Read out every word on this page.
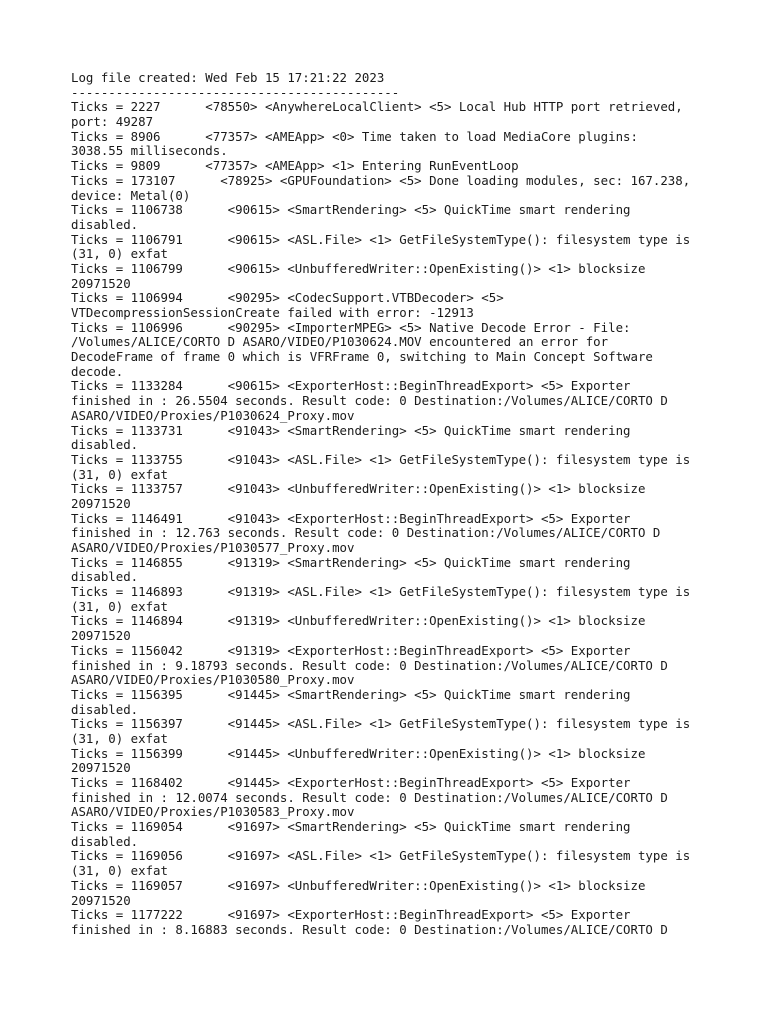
Log file created: Wed Feb 15 17:21:22 2023
--------------------------------------------
Ticks = 2227      <78550> <AnywhereLocalClient> <5> Local Hub HTTP port retrieved,
port: 49287
Ticks = 8906      <77357> <AMEApp> <0> Time taken to load MediaCore plugins:
3038.55 milliseconds.
Ticks = 9809      <77357> <AMEApp> <1> Entering RunEventLoop
Ticks = 173107      <78925> <GPUFoundation> <5> Done loading modules, sec: 167.238,
device: Metal(0)
Ticks = 1106738      <90615> <SmartRendering> <5> QuickTime smart rendering
disabled.
Ticks = 1106791      <90615> <ASL.File> <1> GetFileSystemType(): filesystem type is
(31, 0) exfat
Ticks = 1106799      <90615> <UnbufferedWriter::OpenExisting()> <1> blocksize
20971520
Ticks = 1106994      <90295> <CodecSupport.VTBDecoder> <5>
VTDecompressionSessionCreate failed with error: -12913
Ticks = 1106996      <90295> <ImporterMPEG> <5> Native Decode Error - File:
/Volumes/ALICE/CORTO D ASARO/VIDEO/P1030624.MOV encountered an error for
DecodeFrame of frame 0 which is VFRFrame 0, switching to Main Concept Software
decode.
Ticks = 1133284      <90615> <ExporterHost::BeginThreadExport> <5> Exporter
finished in : 26.5504 seconds. Result code: 0 Destination:/Volumes/ALICE/CORTO D
ASARO/VIDEO/Proxies/P1030624_Proxy.mov
Ticks = 1133731      <91043> <SmartRendering> <5> QuickTime smart rendering
disabled.
Ticks = 1133755      <91043> <ASL.File> <1> GetFileSystemType(): filesystem type is
(31, 0) exfat
Ticks = 1133757      <91043> <UnbufferedWriter::OpenExisting()> <1> blocksize
20971520
Ticks = 1146491      <91043> <ExporterHost::BeginThreadExport> <5> Exporter
finished in : 12.763 seconds. Result code: 0 Destination:/Volumes/ALICE/CORTO D
ASARO/VIDEO/Proxies/P1030577_Proxy.mov
Ticks = 1146855      <91319> <SmartRendering> <5> QuickTime smart rendering
disabled.
Ticks = 1146893      <91319> <ASL.File> <1> GetFileSystemType(): filesystem type is
(31, 0) exfat
Ticks = 1146894      <91319> <UnbufferedWriter::OpenExisting()> <1> blocksize
20971520
Ticks = 1156042      <91319> <ExporterHost::BeginThreadExport> <5> Exporter
finished in : 9.18793 seconds. Result code: 0 Destination:/Volumes/ALICE/CORTO D
ASARO/VIDEO/Proxies/P1030580_Proxy.mov
Ticks = 1156395      <91445> <SmartRendering> <5> QuickTime smart rendering
disabled.
Ticks = 1156397      <91445> <ASL.File> <1> GetFileSystemType(): filesystem type is
(31, 0) exfat
Ticks = 1156399      <91445> <UnbufferedWriter::OpenExisting()> <1> blocksize
20971520
Ticks = 1168402      <91445> <ExporterHost::BeginThreadExport> <5> Exporter
finished in : 12.0074 seconds. Result code: 0 Destination:/Volumes/ALICE/CORTO D
ASARO/VIDEO/Proxies/P1030583_Proxy.mov
Ticks = 1169054      <91697> <SmartRendering> <5> QuickTime smart rendering
disabled.
Ticks = 1169056      <91697> <ASL.File> <1> GetFileSystemType(): filesystem type is
(31, 0) exfat
Ticks = 1169057      <91697> <UnbufferedWriter::OpenExisting()> <1> blocksize
20971520
Ticks = 1177222      <91697> <ExporterHost::BeginThreadExport> <5> Exporter
finished in : 8.16883 seconds. Result code: 0 Destination:/Volumes/ALICE/CORTO D
